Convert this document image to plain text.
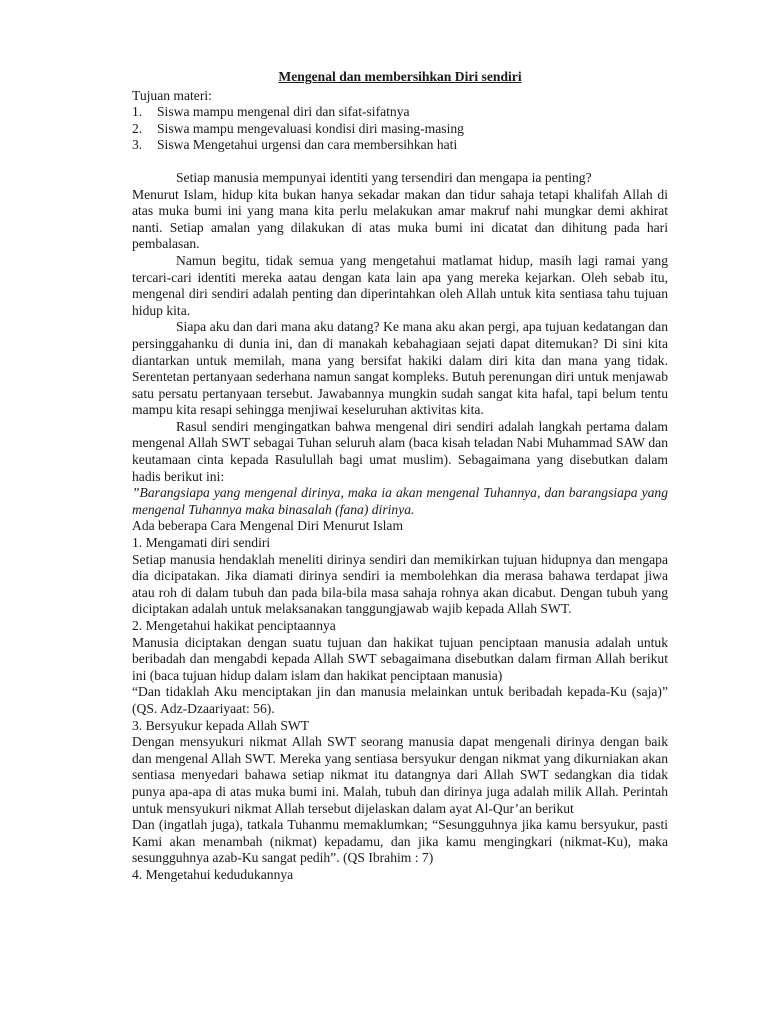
Mengenal dan membersihkan Diri sendiri

Tujuan materi:

1.	Siswa mampu mengenal diri dan sifat-sifatnya
2.	Siswa mampu mengevaluasi kondisi diri masing-masing
3.	Siswa Mengetahui urgensi dan cara membersihkan hati

Setiap manusia mempunyai identiti yang tersendiri dan mengapa ia penting?

Menurut Islam, hidup kita bukan hanya sekadar makan dan tidur sahaja tetapi khalifah Allah di atas muka bumi ini yang mana kita perlu melakukan amar makruf nahi mungkar demi akhirat nanti. Setiap amalan yang dilakukan di atas muka bumi ini dicatat dan dihitung pada hari pembalasan.

Namun begitu, tidak semua yang mengetahui matlamat hidup, masih lagi ramai yang tercari-cari identiti mereka aatau dengan kata lain apa yang mereka kejarkan. Oleh sebab itu, mengenal diri sendiri adalah penting dan diperintahkan oleh Allah untuk kita sentiasa tahu tujuan hidup kita.

Siapa aku dan dari mana aku datang? Ke mana aku akan pergi, apa tujuan kedatangan dan persinggahanku di dunia ini, dan di manakah kebahagiaan sejati dapat ditemukan? Di sini kita diantarkan untuk memilah, mana yang bersifat hakiki dalam diri kita dan mana yang tidak. Serentetan pertanyaan sederhana namun sangat kompleks. Butuh perenungan diri untuk menjawab satu persatu pertanyaan tersebut. Jawabannya mungkin sudah sangat kita hafal, tapi belum tentu mampu kita resapi sehingga menjiwai keseluruhan aktivitas kita.

Rasul sendiri mengingatkan bahwa mengenal diri sendiri adalah langkah pertama dalam mengenal Allah SWT sebagai Tuhan seluruh alam (baca kisah teladan Nabi Muhammad SAW dan keutamaan cinta kepada Rasulullah bagi umat muslim). Sebagaimana yang disebutkan dalam hadis berikut ini:

”Barangsiapa yang mengenal dirinya, maka ia akan mengenal Tuhannya, dan barangsiapa yang mengenal Tuhannya maka binasalah (fana) dirinya.

Ada beberapa Cara Mengenal Diri Menurut Islam

1. Mengamati diri sendiri

Setiap manusia hendaklah meneliti dirinya sendiri dan memikirkan tujuan hidupnya dan mengapa dia dicipatakan. Jika diamati dirinya sendiri ia membolehkan dia merasa bahawa terdapat jiwa atau roh di dalam tubuh dan pada bila-bila masa sahaja rohnya akan dicabut. Dengan tubuh yang diciptakan adalah untuk melaksanakan tanggungjawab wajib kepada Allah SWT.

2. Mengetahui hakikat penciptaannya

Manusia diciptakan dengan suatu tujuan dan hakikat tujuan penciptaan manusia adalah untuk beribadah dan mengabdi kepada Allah SWT sebagaimana disebutkan dalam firman Allah berikut ini (baca tujuan hidup dalam islam dan hakikat penciptaan manusia)

“Dan tidaklah Aku menciptakan jin dan manusia melainkan untuk beribadah kepada-Ku (saja)” (QS. Adz-Dzaariyaat: 56).

3. Bersyukur kepada Allah SWT

Dengan mensyukuri nikmat Allah SWT seorang manusia dapat mengenali dirinya dengan baik dan mengenal Allah SWT. Mereka yang sentiasa bersyukur dengan nikmat yang dikurniakan akan sentiasa menyedari bahawa setiap nikmat itu datangnya dari Allah SWT sedangkan dia tidak punya apa-apa di atas muka bumi ini. Malah, tubuh dan dirinya juga adalah milik Allah. Perintah untuk mensyukuri nikmat Allah tersebut dijelaskan dalam ayat Al-Qur’an berikut

Dan (ingatlah juga), tatkala Tuhanmu memaklumkan; “Sesungguhnya jika kamu bersyukur, pasti Kami akan menambah (nikmat) kepadamu, dan jika kamu mengingkari (nikmat-Ku), maka sesungguhnya azab-Ku sangat pedih”. (QS Ibrahim : 7)

4. Mengetahui kedudukannya
